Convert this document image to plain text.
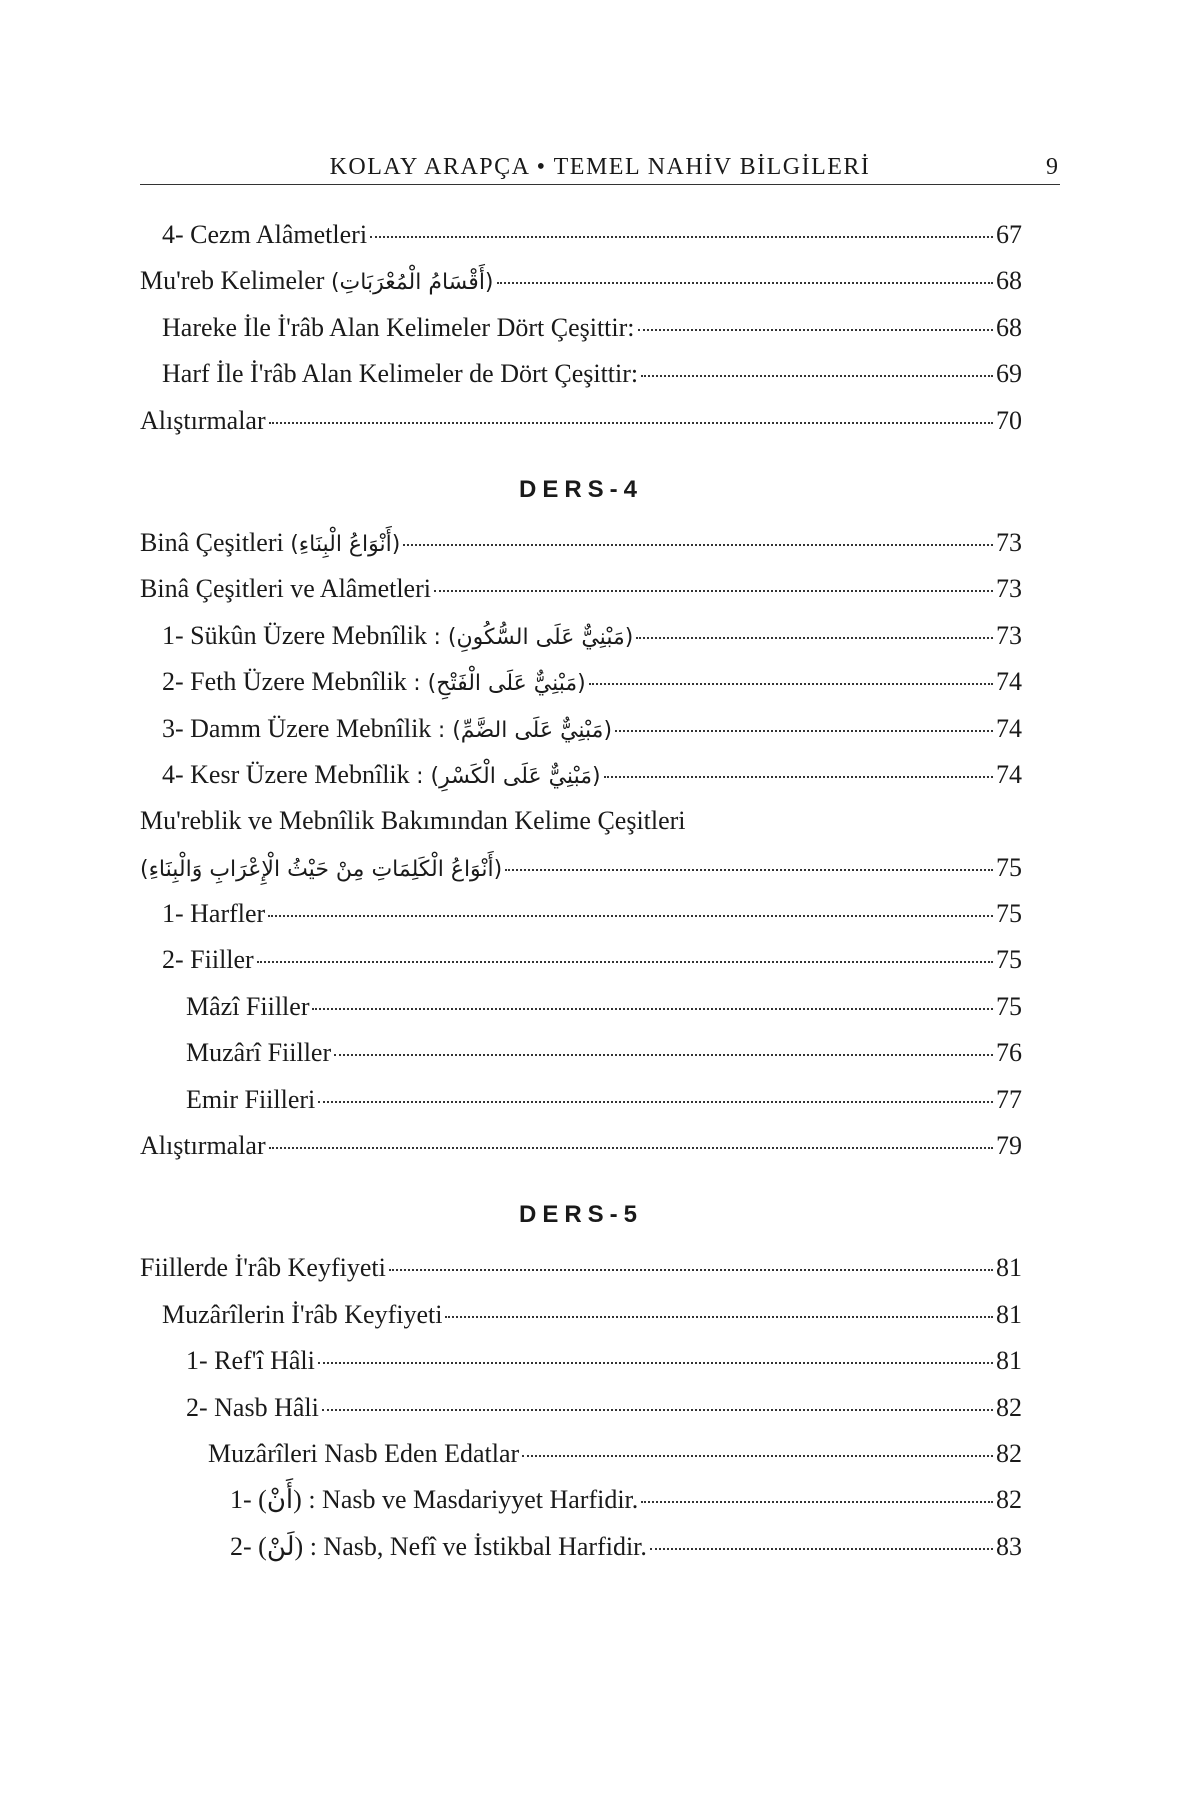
KOLAY ARAPÇA • TEMEL NAHİV BİLGİLERİ	9
4- Cezm Alâmetleri	67
Mu'reb Kelimeler (أَقْسَامُ الْمُعْرَبَاتِ)	68
Hareke İle İ'râb Alan Kelimeler Dört Çeşittir:	68
Harf İle İ'râb Alan Kelimeler de Dört Çeşittir:	69
Alıştırmalar	70
DERS-4
Binâ Çeşitleri (أَنْوَاعُ الْبِنَاءِ)	73
Binâ Çeşitleri ve Alâmetleri	73
1- Sükûn Üzere Mebnîlik (مَبْنِيٌّ عَلَى السُّكُونِ) :	73
2- Feth Üzere Mebnîlik (مَبْنِيٌّ عَلَى الْفَتْحِ) :	74
3- Damm Üzere Mebnîlik (مَبْنِيٌّ عَلَى الضَّمِّ) :	74
4- Kesr Üzere Mebnîlik (مَبْنِيٌّ عَلَى الْكَسْرِ) :	74
Mu'reblik ve Mebnîlik Bakımından Kelime Çeşitleri
(أَنْوَاعُ الْكَلِمَاتِ مِنْ حَيْثُ الْإِعْرَابِ وَالْبِنَاءِ)	75
1- Harfler	75
2- Fiiller	75
Mâzî Fiiller	75
Muzârî Fiiller	76
Emir Fiilleri	77
Alıştırmalar	79
DERS-5
Fiillerde İ'râb Keyfiyeti	81
Muzârîlerin İ'râb Keyfiyeti	81
1- Ref'î Hâli	81
2- Nasb Hâli	82
Muzârîleri Nasb Eden Edatlar	82
1- (أَنْ) : Nasb ve Masdariyyet Harfidir.	82
2- (لَنْ) : Nasb, Nefî ve İstikbal Harfidir.	83
